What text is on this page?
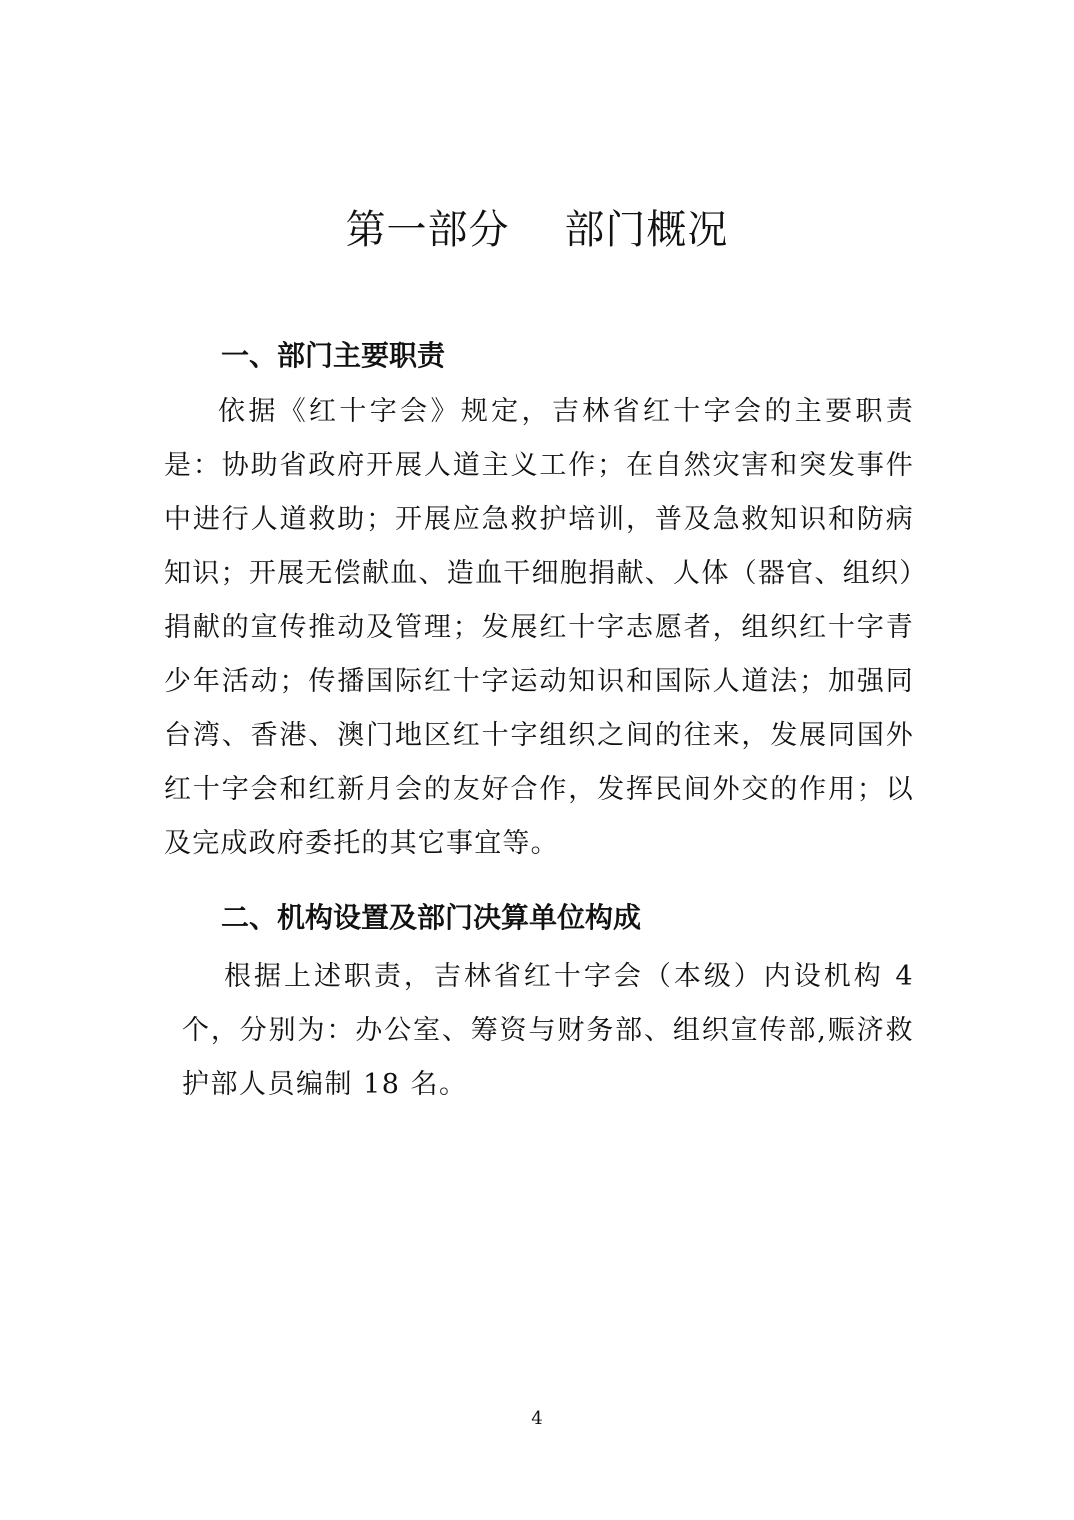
第一部分    部门概况
一、部门主要职责
依据《红十字会》规定，吉林省红十字会的主要职责是：协助省政府开展人道主义工作；在自然灾害和突发事件中进行人道救助；开展应急救护培训，普及急救知识和防病知识；开展无偿献血、造血干细胞捐献、人体（器官、组织）捐献的宣传推动及管理；发展红十字志愿者，组织红十字青少年活动；传播国际红十字运动知识和国际人道法；加强同台湾、香港、澳门地区红十字组织之间的往来，发展同国外红十字会和红新月会的友好合作，发挥民间外交的作用；以及完成政府委托的其它事宜等。
二、机构设置及部门决算单位构成
根据上述职责，吉林省红十字会（本级）内设机构 4 个，分别为：办公室、筹资与财务部、组织宣传部,赈济救护部人员编制 18 名。
4
